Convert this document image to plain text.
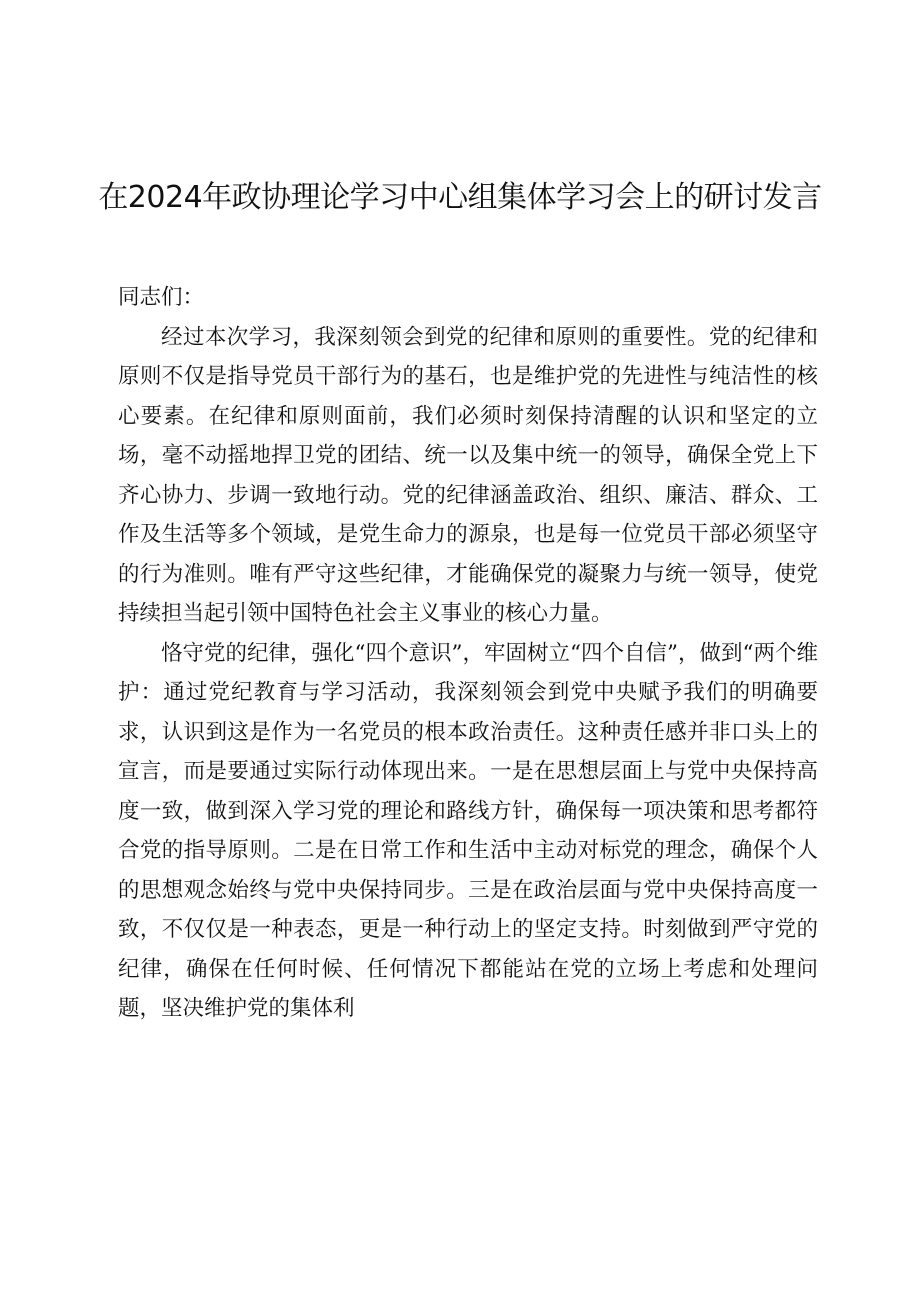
在2024年政协理论学习中心组集体学习会上的研讨发言

同志们：

经过本次学习，我深刻领会到党的纪律和原则的重要性。党的纪律和原则不仅是指导党员干部行为的基石，也是维护党的先进性与纯洁性的核心要素。在纪律和原则面前，我们必须时刻保持清醒的认识和坚定的立场，毫不动摇地捍卫党的团结、统一以及集中统一的领导，确保全党上下齐心协力、步调一致地行动。党的纪律涵盖政治、组织、廉洁、群众、工作及生活等多个领域，是党生命力的源泉，也是每一位党员干部必须坚守的行为准则。唯有严守这些纪律，才能确保党的凝聚力与统一领导，使党持续担当起引领中国特色社会主义事业的核心力量。

恪守党的纪律，强化“四个意识”，牢固树立“四个自信”，做到“两个维护：通过党纪教育与学习活动，我深刻领会到党中央赋予我们的明确要求，认识到这是作为一名党员的根本政治责任。这种责任感并非口头上的宣言，而是要通过实际行动体现出来。一是在思想层面上与党中央保持高度一致，做到深入学习党的理论和路线方针，确保每一项决策和思考都符合党的指导原则。二是在日常工作和生活中主动对标党的理念，确保个人的思想观念始终与党中央保持同步。三是在政治层面与党中央保持高度一致，不仅仅是一种表态，更是一种行动上的坚定支持。时刻做到严守党的纪律，确保在任何时候、任何情况下都能站在党的立场上考虑和处理问题，坚决维护党的集体利
